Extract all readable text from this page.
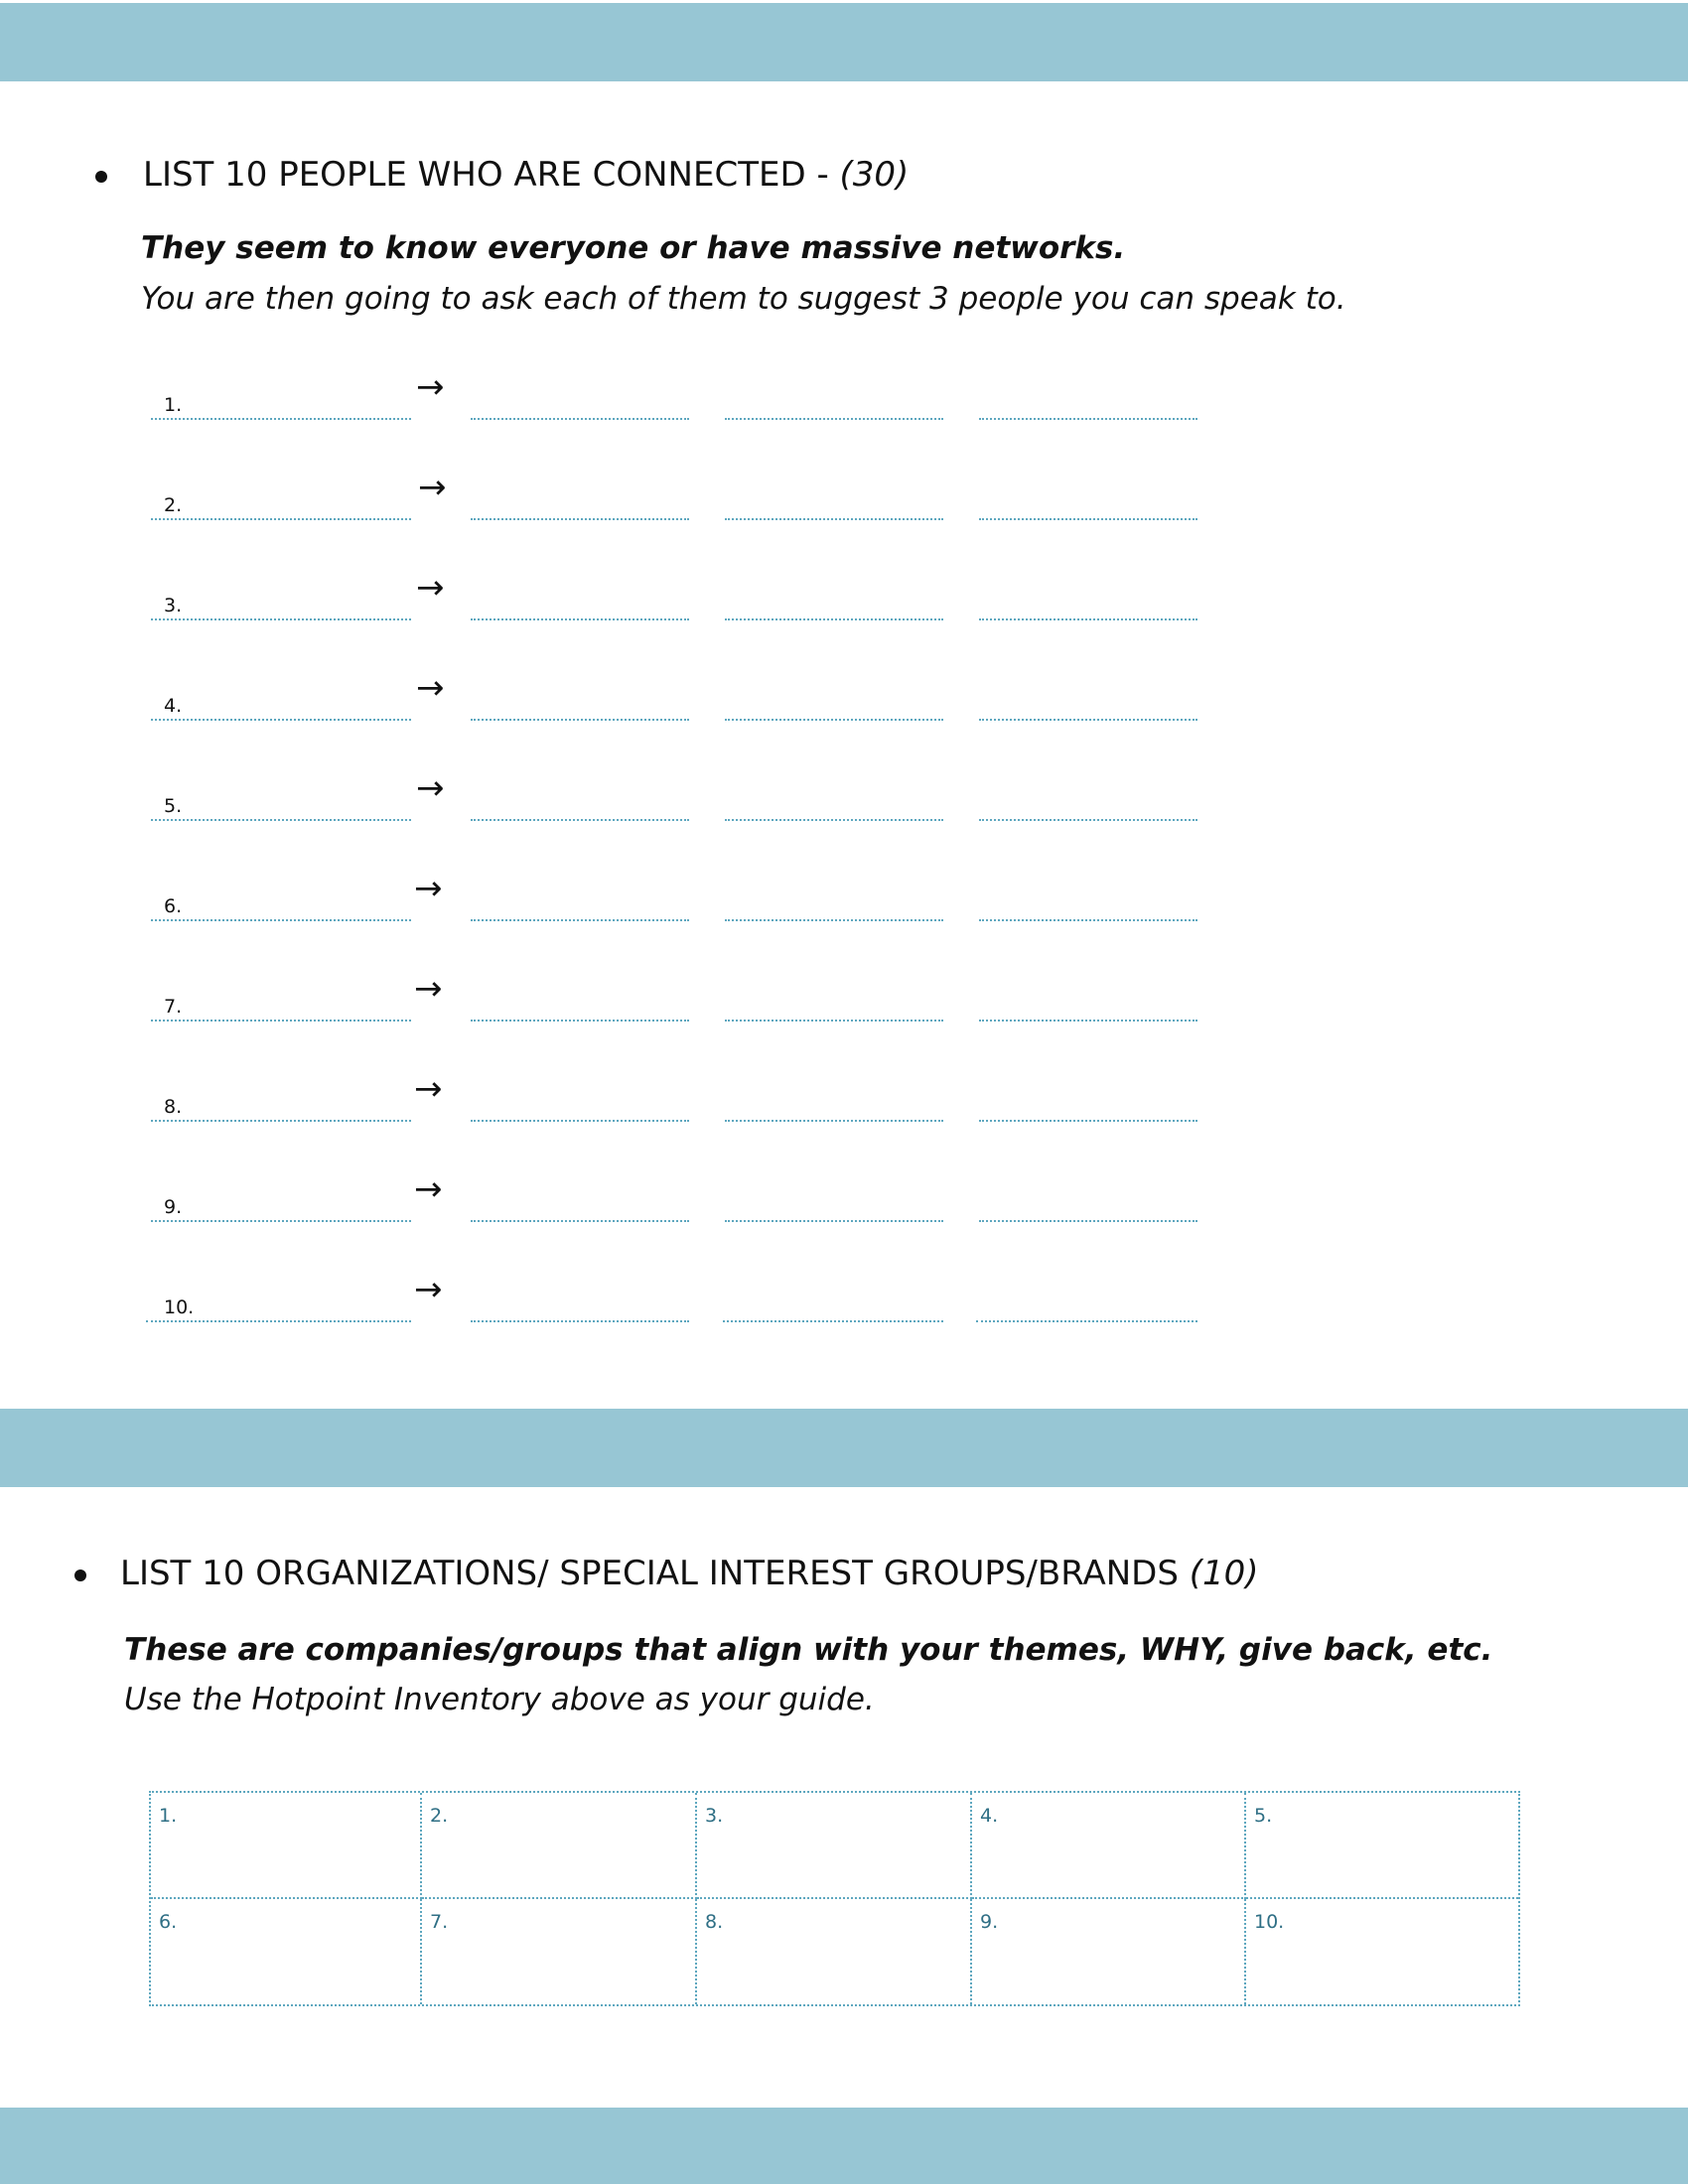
LIST 10 PEOPLE WHO ARE CONNECTED - (30)
They seem to know everyone or have massive networks.
You are then going to ask each of them to suggest 3 people you can speak to.
1.	→
2.	→
3.	→
4.	→
5.	→
6.	→
7.	→
8.	→
9.	→
10.	→
LIST 10 ORGANIZATIONS/ SPECIAL INTEREST GROUPS/BRANDS (10)
These are companies/groups that align with your themes, WHY, give back, etc.
Use the Hotpoint Inventory above as your guide.
1.	2.	3.	4.	5.
6.	7.	8.	9.	10.
